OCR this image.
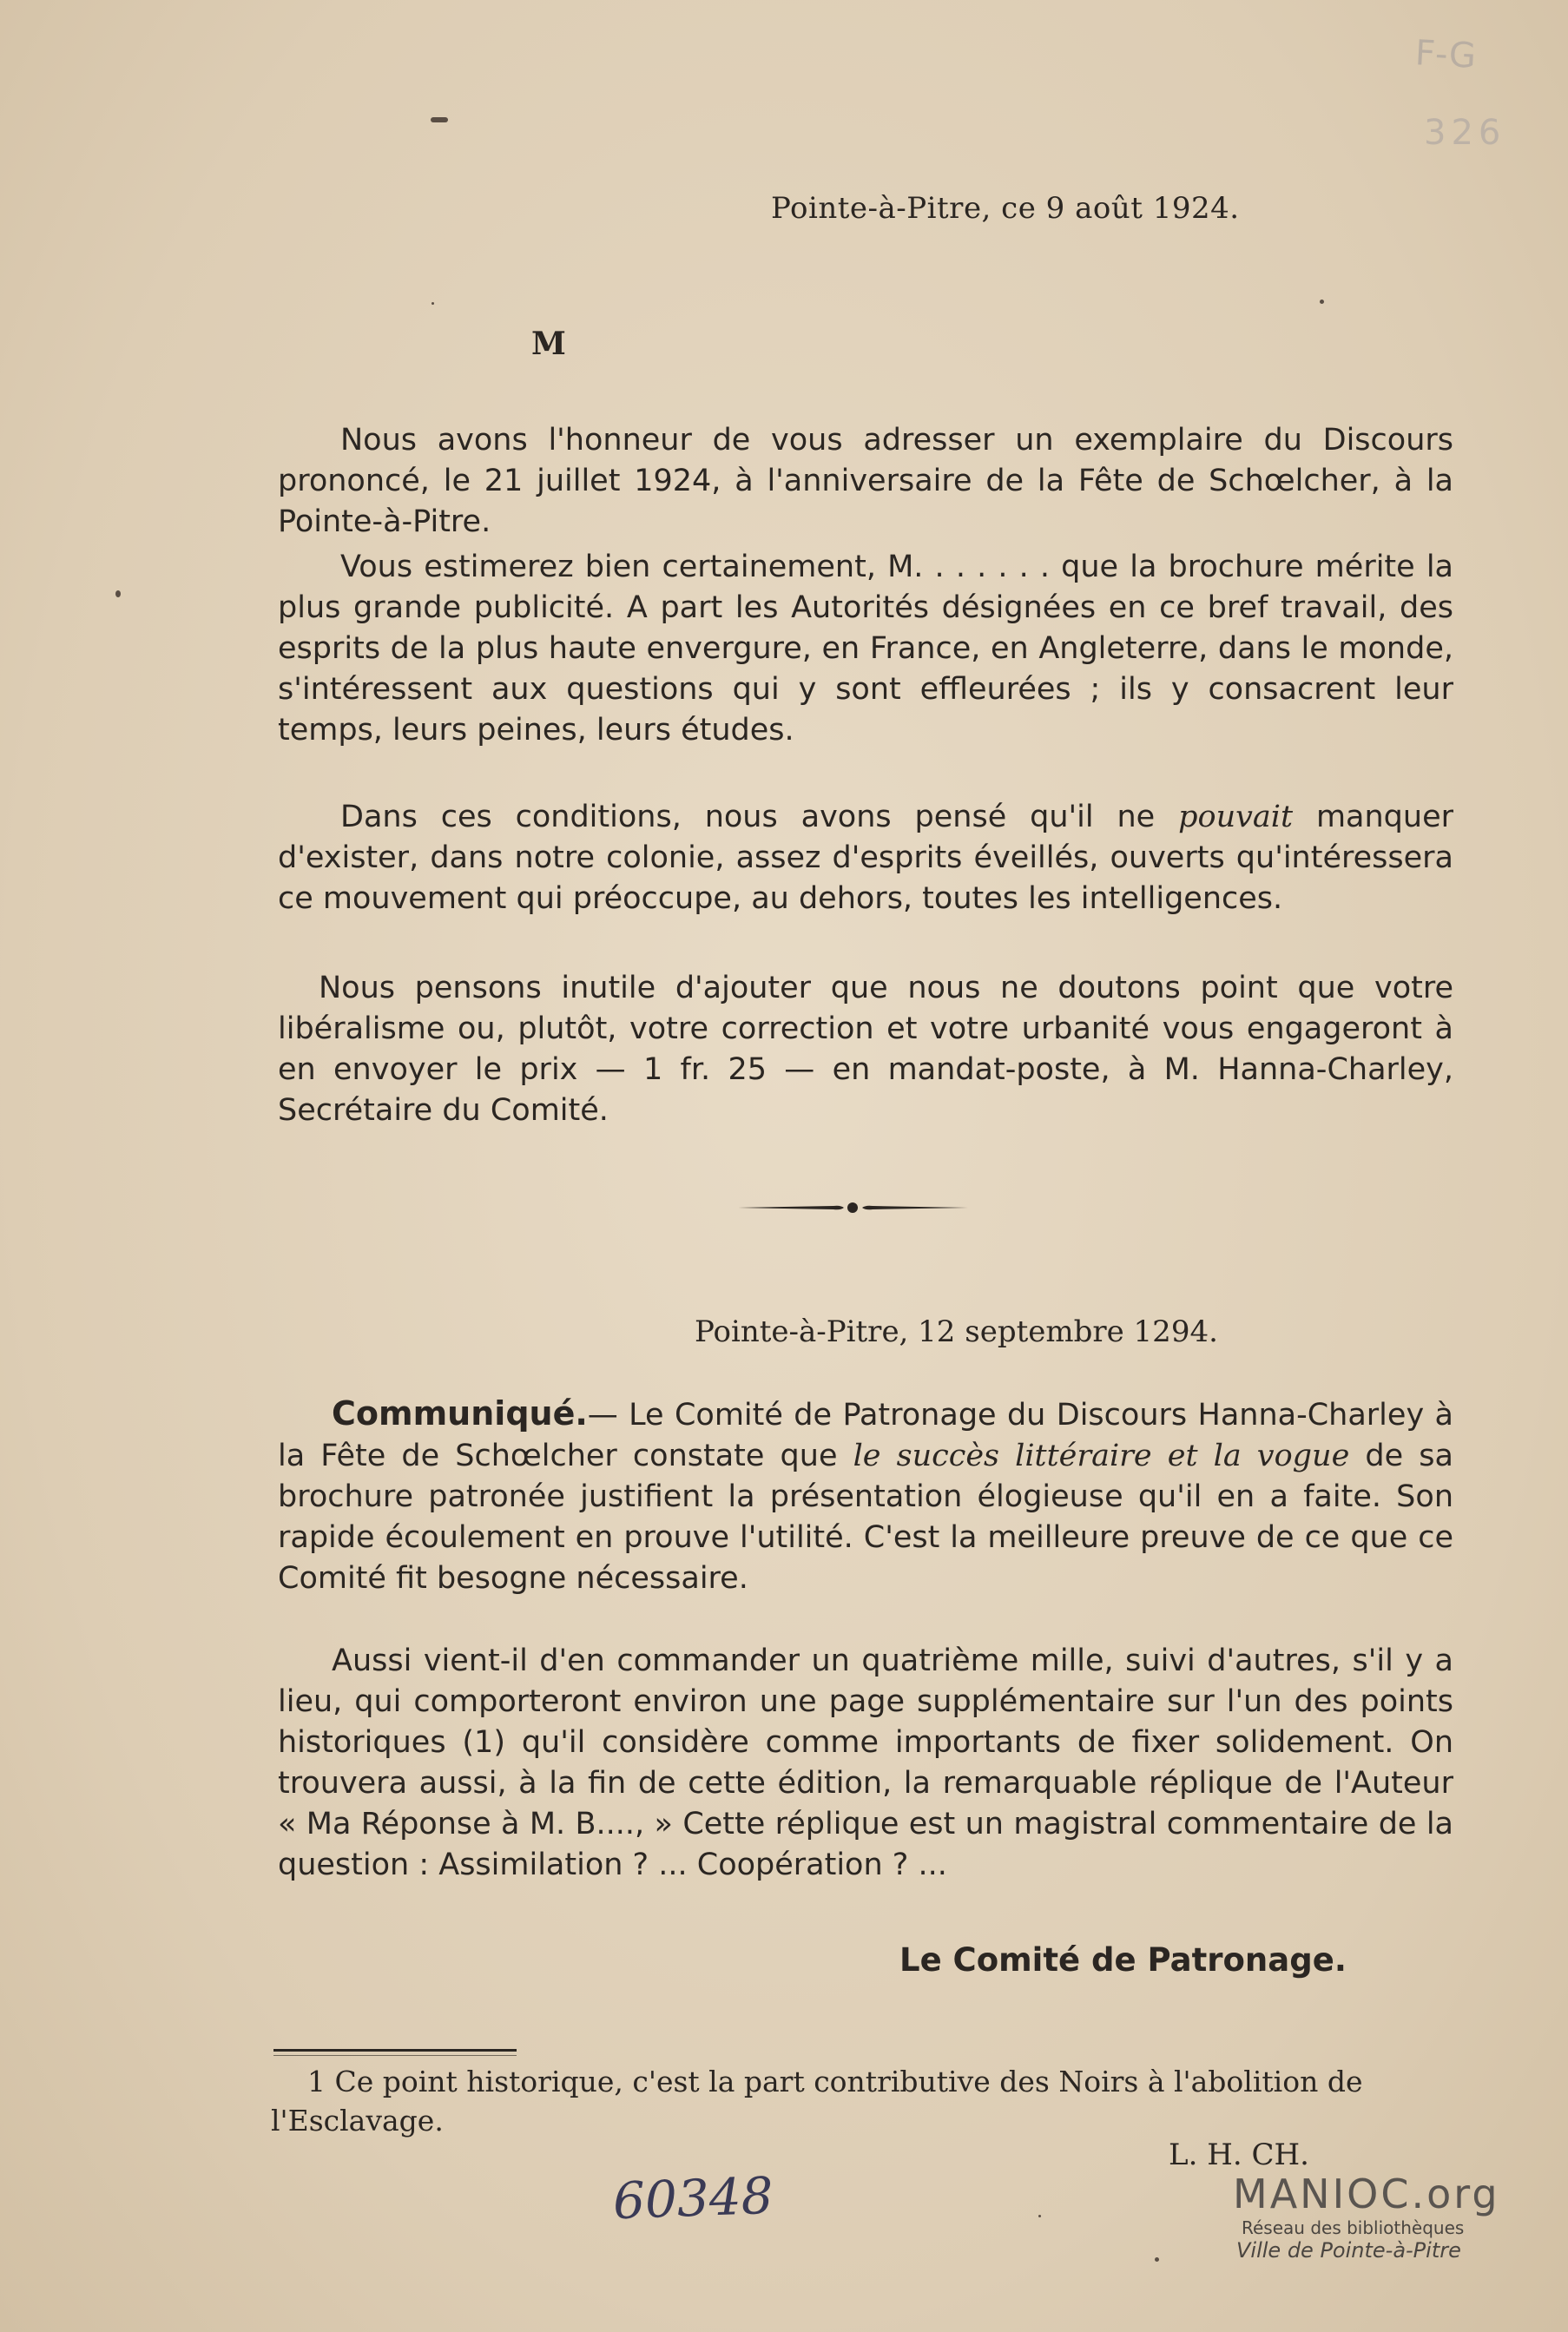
F-G
326
Pointe-à-Pitre, ce 9 août 1924.
M

Nous avons l'honneur de vous adresser un exemplaire du Discours prononcé, le 21 juillet 1924, à l'anniversaire de la Fête de Schœlcher, à la Pointe-à-Pitre.

Vous estimerez bien certainement, M. . . . . . . que la brochure mérite la plus grande publicité. A part les Autorités désignées en ce bref travail, des esprits de la plus haute envergure, en France, en Angleterre, dans le monde, s'intéressent aux questions qui y sont effleurées ; ils y consacrent leur temps, leurs peines, leurs études.

Dans ces conditions, nous avons pensé qu'il ne pouvait manquer d'exister, dans notre colonie, assez d'esprits éveillés, ouverts qu'intéressera ce mouvement qui préoccupe, au dehors, toutes les intelligences.

Nous pensons inutile d'ajouter que nous ne doutons point que votre libéralisme ou, plutôt, votre correction et votre urbanité vous engageront à en envoyer le prix — 1 fr. 25 — en mandat-poste, à M. Hanna-Charley, Secrétaire du Comité.

Pointe-à-Pitre, 12 septembre 1294.

Communiqué.— Le Comité de Patronage du Discours Hanna-Charley à la Fête de Schœlcher constate que le succès littéraire et la vogue de sa brochure patronée justifient la présentation élogieuse qu'il en a faite. Son rapide écoulement en prouve l'utilité. C'est la meilleure preuve de ce que ce Comité fit besogne nécessaire.

Aussi vient-il d'en commander un quatrième mille, suivi d'autres, s'il y a lieu, qui comporteront environ une page supplémentaire sur l'un des points historiques (1) qu'il considère comme importants de fixer solidement. On trouvera aussi, à la fin de cette édition, la remarquable réplique de l'Auteur « Ma Réponse à M. B...., » Cette réplique est un magistral commentaire de la question : Assimilation ? ... Coopération ? ...

Le Comité de Patronage.

1 Ce point historique, c'est la part contributive des Noirs à l'abolition de l'Esclavage.

L. H. CH.
60348	MANIOC.org
Réseau des bibliothèques
Ville de Pointe-à-Pitre
